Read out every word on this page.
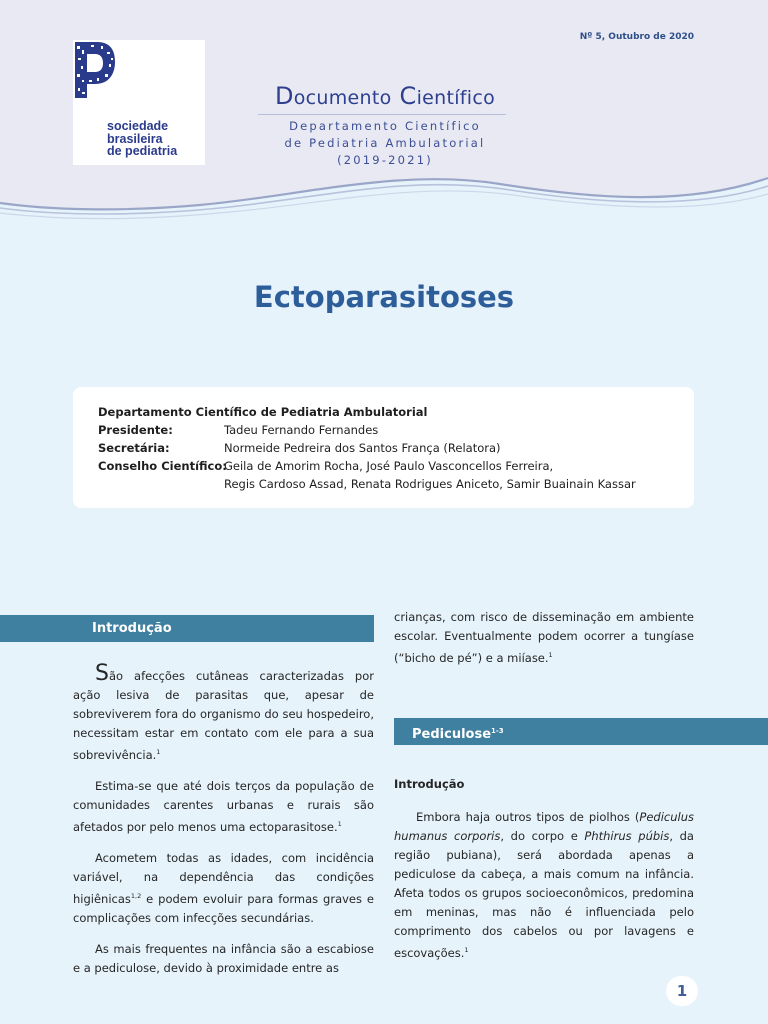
Nº 5, Outubro de 2020
sociedade
brasileira
de pediatria
Documento Científico
Departamento Científico
de Pediatria Ambulatorial
(2019-2021)
Ectoparasitoses
Departamento Científico de Pediatria Ambulatorial
Presidente:	Tadeu Fernando Fernandes
Secretária:	Normeide Pedreira dos Santos França (Relatora)
Conselho Científico:
Geila de Amorim Rocha, José Paulo Vasconcellos Ferreira,
Regis Cardoso Assad, Renata Rodrigues Aniceto, Samir Buainain Kassar
Introdução

São afecções cutâneas caracterizadas por ação lesiva de parasitas que, apesar de sobreviverem fora do organismo do seu hospedeiro, necessitam estar em contato com ele para a sua sobrevivência.$^1$

Estima-se que até dois terços da população de comunidades carentes urbanas e rurais são afetados por pelo menos uma ectoparasitose.$^1$

Acometem todas as idades, com incidência variável, na dependência das condições higiênicas$^{1,2}$ e podem evoluir para formas graves e complicações com infecções secundárias.

As mais frequentes na infância são a escabiose e a pediculose, devido à proximidade entre as

crianças, com risco de disseminação em ambiente escolar. Eventualmente podem ocorrer a tungíase (“bicho de pé”) e a miíase.$^1$

Pediculose$^{1-3}$
Introdução

Embora haja outros tipos de piolhos (Pediculus humanus corporis, do corpo e Phthirus púbis, da região pubiana), será abordada apenas a pediculose da cabeça, a mais comum na infância. Afeta todos os grupos socioeconômicos, predomina em meninas, mas não é influenciada pelo comprimento dos cabelos ou por lavagens e escovações.$^1$

1
